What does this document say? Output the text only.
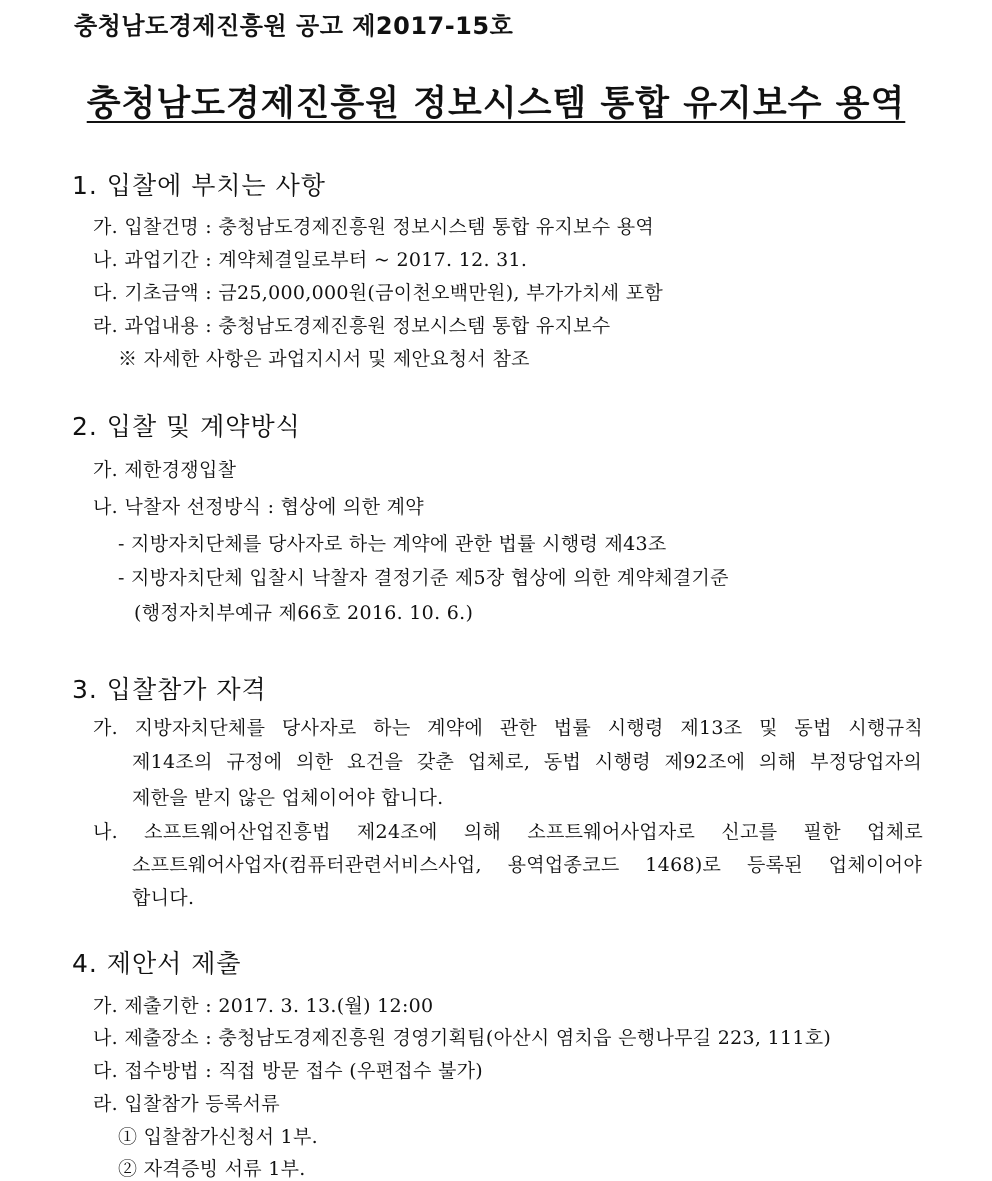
충청남도경제진흥원 공고 제2017-15호
충청남도경제진흥원 정보시스템 통합 유지보수 용역
1. 입찰에 부치는 사항
가. 입찰건명 : 충청남도경제진흥원 정보시스템 통합 유지보수 용역
나. 과업기간 : 계약체결일로부터 ~ 2017. 12. 31.
다. 기초금액 : 금25,000,000원(금이천오백만원), 부가가치세 포함
라. 과업내용 : 충청남도경제진흥원 정보시스템 통합 유지보수
※ 자세한 사항은 과업지시서 및 제안요청서 참조
2. 입찰 및 계약방식
가. 제한경쟁입찰
나. 낙찰자 선정방식 : 협상에 의한 계약
- 지방자치단체를 당사자로 하는 계약에 관한 법률 시행령 제43조
- 지방자치단체 입찰시 낙찰자 결정기준 제5장 협상에 의한 계약체결기준
(행정자치부예규 제66호 2016. 10. 6.)
3. 입찰참가 자격
가. 지방자치단체를 당사자로 하는 계약에 관한 법률 시행령 제13조 및 동법 시행규칙
제14조의 규정에 의한 요건을 갖춘 업체로, 동법 시행령 제92조에 의해 부정당업자의
제한을 받지 않은 업체이어야 합니다.
나. 소프트웨어산업진흥법 제24조에 의해 소프트웨어사업자로 신고를 필한 업체로
소프트웨어사업자(컴퓨터관련서비스사업, 용역업종코드 1468)로 등록된 업체이어야
합니다.
4. 제안서 제출
가. 제출기한 : 2017. 3. 13.(월) 12:00
나. 제출장소 : 충청남도경제진흥원 경영기획팀(아산시 염치읍 은행나무길 223, 111호)
다. 접수방법 : 직접 방문 접수 (우편접수 불가)
라. 입찰참가 등록서류
① 입찰참가신청서 1부.
② 자격증빙 서류 1부.
